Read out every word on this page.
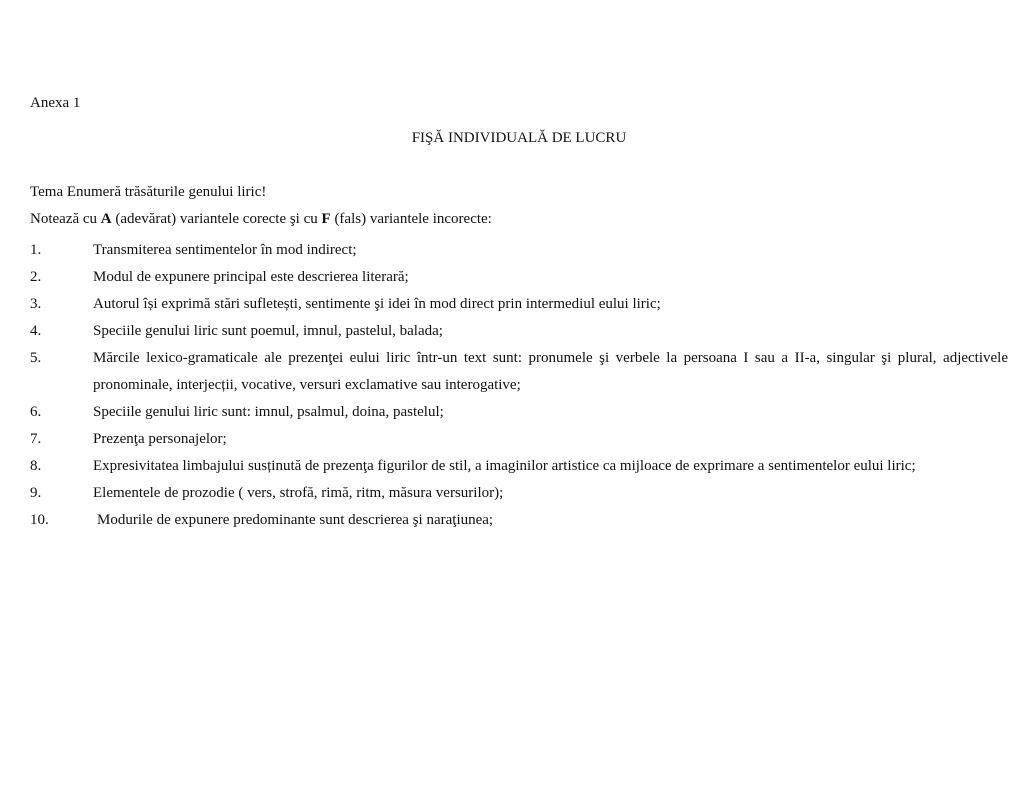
Anexa 1
FIŞĂ INDIVIDUALĂ DE LUCRU
Tema Enumeră trăsăturile genului liric!
Notează cu A (adevărat) variantele corecte şi cu F (fals) variantele incorecte:
1.	Transmiterea sentimentelor în mod indirect;
2.	Modul de expunere principal este descrierea literară;
3.	Autorul își exprimă stări sufletești, sentimente şi idei în mod direct prin intermediul eului liric;
4.	Speciile genului liric sunt poemul, imnul, pastelul, balada;
5.	Mărcile lexico-gramaticale ale prezenţei eului liric într-un text sunt: pronumele şi verbele la persoana I sau a II-a, singular şi plural, adjectivele pronominale, interjecții, vocative, versuri exclamative sau interogative;
6.	Speciile genului liric sunt: imnul, psalmul, doina, pastelul;
7.	Prezenţa personajelor;
8.	Expresivitatea limbajului susținută de prezenţa figurilor de stil, a imaginilor artistice ca mijloace de exprimare a sentimentelor eului liric;
9.	Elementele de prozodie ( vers, strofă, rimă, ritm, măsura versurilor);
10.	Modurile de expunere predominante sunt descrierea şi naraţiunea;
